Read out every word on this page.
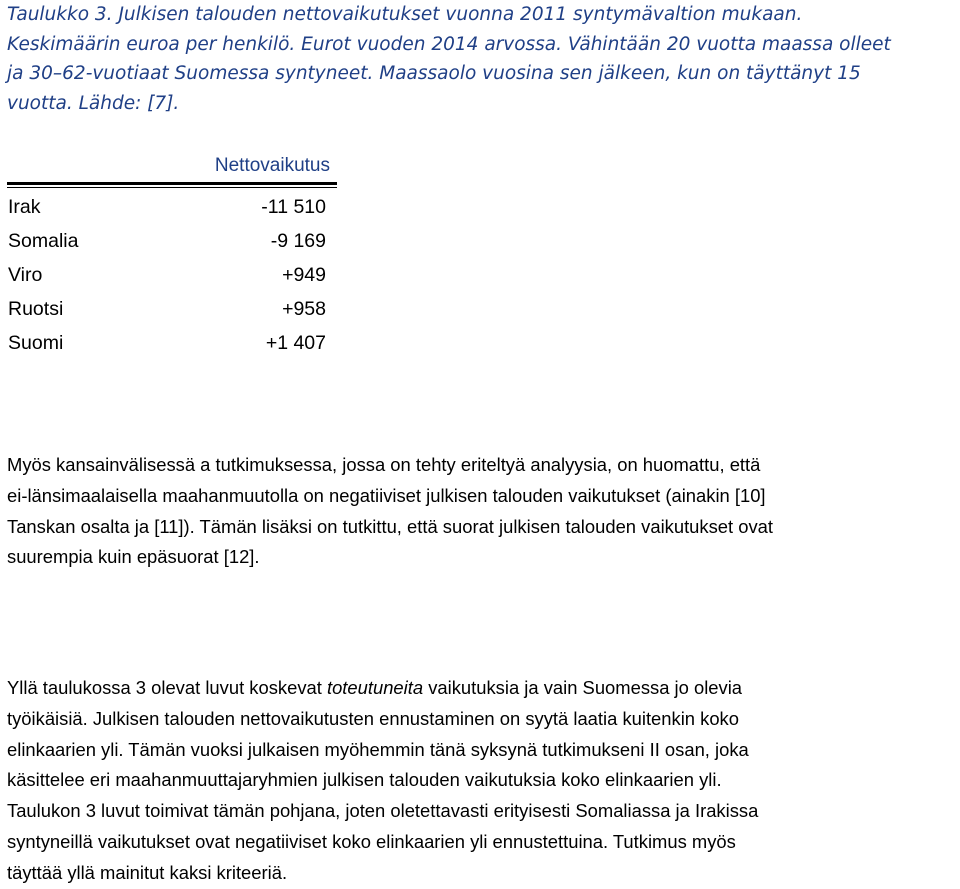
Taulukko 3. Julkisen talouden nettovaikutukset vuonna 2011 syntymävaltion mukaan.
Keskimäärin euroa per henkilö. Eurot vuoden 2014 arvossa. Vähintään 20 vuotta maassa olleet
ja 30–62-vuotiaat Suomessa syntyneet. Maassaolo vuosina sen jälkeen, kun on täyttänyt 15
vuotta. Lähde: [7].
Nettovaikutus
Irak	-11 510
Somalia	-9 169
Viro	+949
Ruotsi	+958
Suomi	+1 407
Myös kansainvälisessä a tutkimuksessa, jossa on tehty eriteltyä analyysia, on huomattu, että
ei-länsimaalaisella maahanmuutolla on negatiiviset julkisen talouden vaikutukset (ainakin [10]
Tanskan osalta ja [11]). Tämän lisäksi on tutkittu, että suorat julkisen talouden vaikutukset ovat
suurempia kuin epäsuorat [12].
Yllä taulukossa 3 olevat luvut koskevat toteutuneita vaikutuksia ja vain Suomessa jo olevia
työikäisiä. Julkisen talouden nettovaikutusten ennustaminen on syytä laatia kuitenkin koko
elinkaarien yli. Tämän vuoksi julkaisen myöhemmin tänä syksynä tutkimukseni II osan, joka
käsittelee eri maahanmuuttajaryhmien julkisen talouden vaikutuksia koko elinkaarien yli.
Taulukon 3 luvut toimivat tämän pohjana, joten oletettavasti erityisesti Somaliassa ja Irakissa
syntyneillä vaikutukset ovat negatiiviset koko elinkaarien yli ennustettuina. Tutkimus myös
täyttää yllä mainitut kaksi kriteeriä.
